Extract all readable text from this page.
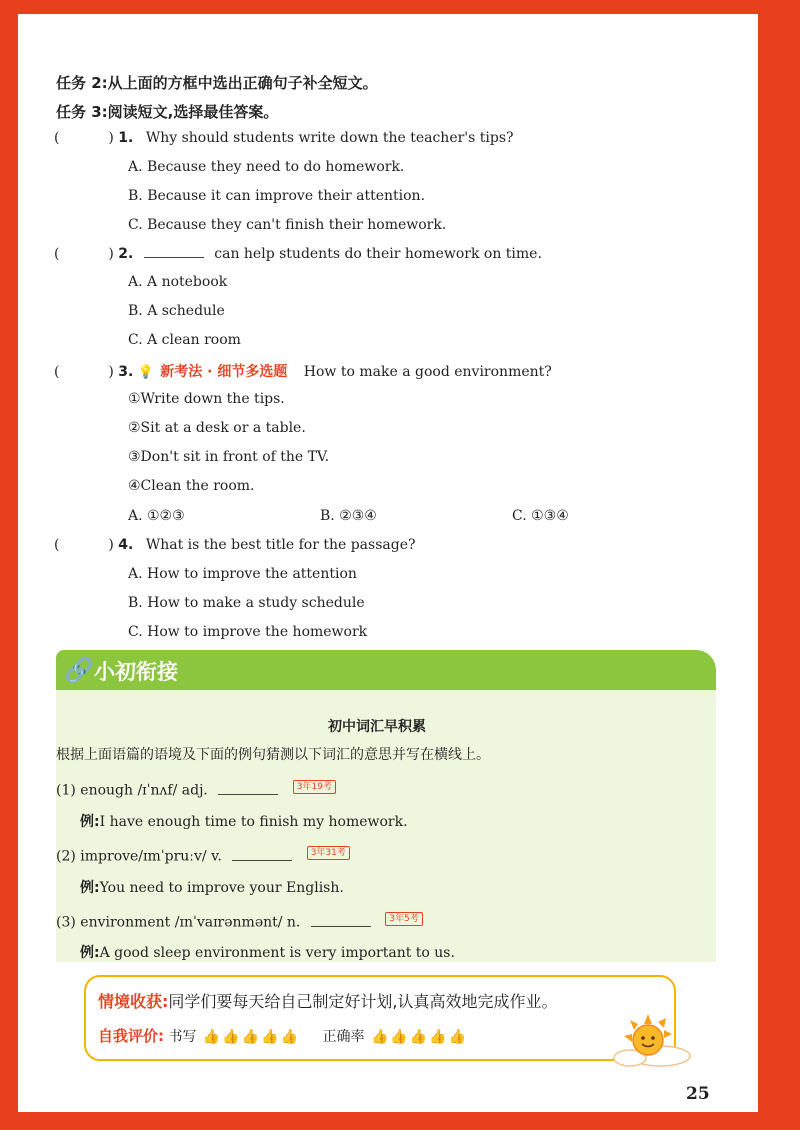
任务 2:从上面的方框中选出正确句子补全短文。
任务 3:阅读短文,选择最佳答案。
(	) 1. Why should students write down the teacher's tips?
A. Because they need to do homework.
B. Because it can improve their attention.
C. Because they can't finish their homework.
(	) 2.	can help students do their homework on time.
A. A notebook
B. A schedule
C. A clean room
(	) 3. 💡 新考法 · 细节多选题 How to make a good environment?
①Write down the tips.
②Sit at a desk or a table.
③Don't sit in front of the TV.
④Clean the room.
A. ①②③	B. ②③④	C. ①③④
(	) 4. What is the best title for the passage?
A. How to improve the attention
B. How to make a study schedule
C. How to improve the homework
🔗 小初衔接
初中词汇早积累
根据上面语篇的语境及下面的例句猜测以下词汇的意思并写在横线上。
(1) enough /ɪˈnʌf/ adj.	3年19考
例:I have enough time to finish my homework.
(2) improve/ɪmˈpruːv/ v.	3年31考
例:You need to improve your English.
(3) environment /ɪnˈvaɪrənmənt/ n.	3年5考
例:A good sleep environment is very important to us.
情境收获:同学们要每天给自己制定好计划,认真高效地完成作业。
自我评价: 书写 👍👍👍👍👍 正确率 👍👍👍👍👍
25
